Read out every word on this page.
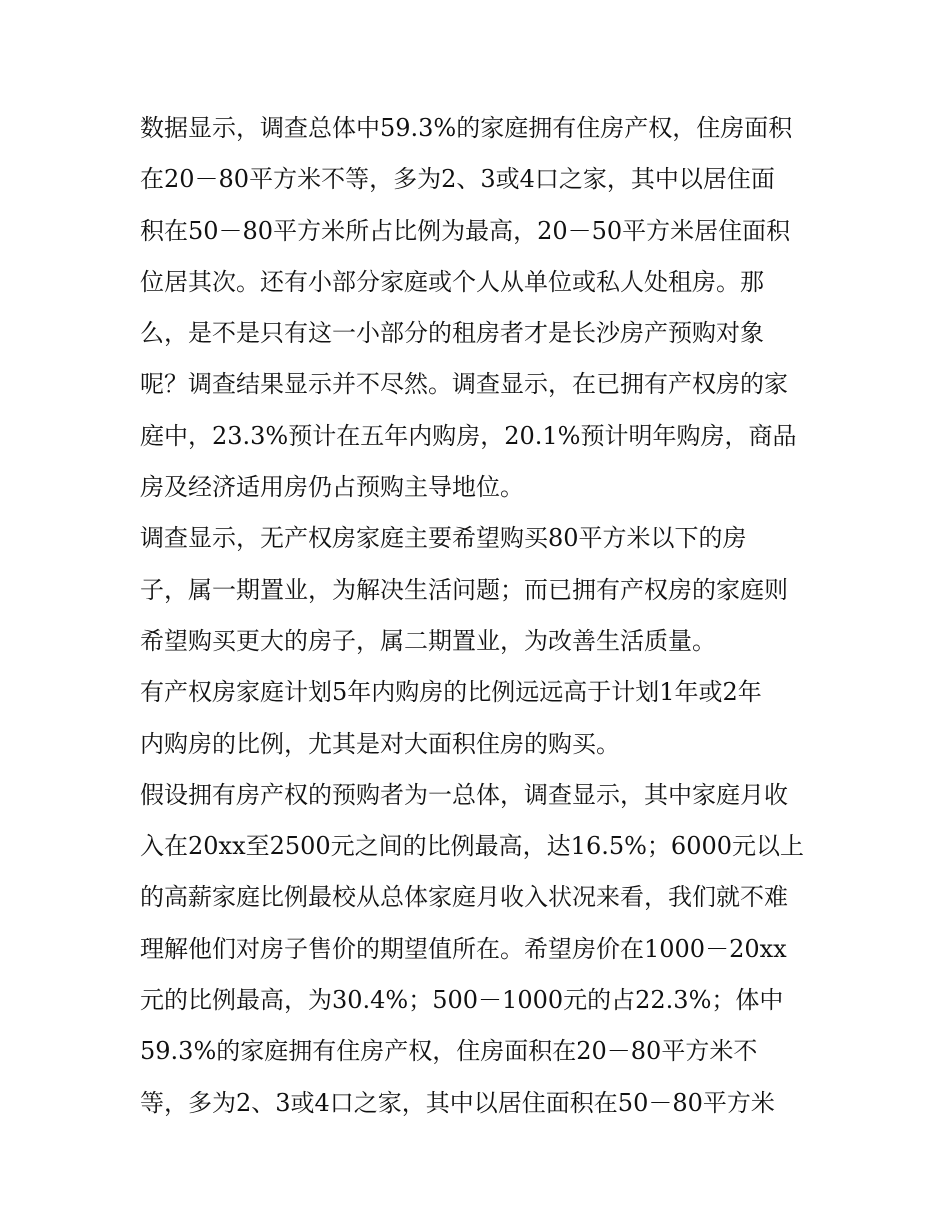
数据显示，调查总体中59.3%的家庭拥有住房产权，住房面积
在20－80平方米不等，多为2、3或4口之家，其中以居住面
积在50－80平方米所占比例为最高，20－50平方米居住面积
位居其次。还有小部分家庭或个人从单位或私人处租房。那
么，是不是只有这一小部分的租房者才是长沙房产预购对象
呢？调查结果显示并不尽然。调查显示，在已拥有产权房的家
庭中，23.3%预计在五年内购房，20.1%预计明年购房，商品
房及经济适用房仍占预购主导地位。
调查显示，无产权房家庭主要希望购买80平方米以下的房
子，属一期置业，为解决生活问题；而已拥有产权房的家庭则
希望购买更大的房子，属二期置业，为改善生活质量。
有产权房家庭计划5年内购房的比例远远高于计划1年或2年
内购房的比例，尤其是对大面积住房的购买。
假设拥有房产权的预购者为一总体，调查显示，其中家庭月收
入在20xx至2500元之间的比例最高，达16.5%；6000元以上
的高薪家庭比例最校从总体家庭月收入状况来看，我们就不难
理解他们对房子售价的期望值所在。希望房价在1000－20xx
元的比例最高，为30.4%；500－1000元的占22.3%；体中
59.3%的家庭拥有住房产权，住房面积在20－80平方米不
等，多为2、3或4口之家，其中以居住面积在50－80平方米
